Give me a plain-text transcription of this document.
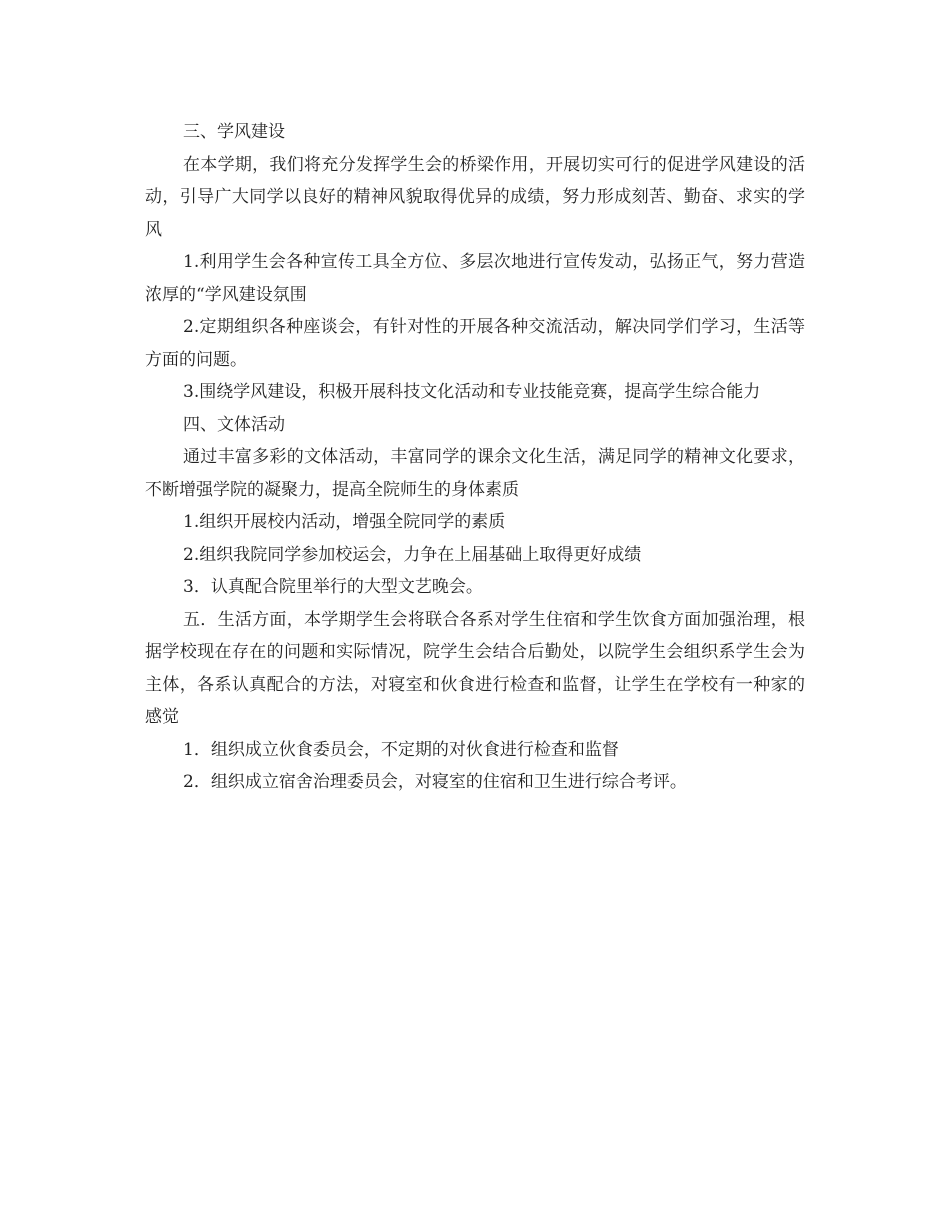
三、学风建设

在本学期，我们将充分发挥学生会的桥梁作用，开展切实可行的促进学风建设的活动，引导广大同学以良好的精神风貌取得优异的成绩，努力形成刻苦、勤奋、求实的学风

1.利用学生会各种宣传工具全方位、多层次地进行宣传发动，弘扬正气，努力营造浓厚的“学风建设氛围

2.定期组织各种座谈会，有针对性的开展各种交流活动，解决同学们学习，生活等方面的问题。

3.围绕学风建设，积极开展科技文化活动和专业技能竞赛，提高学生综合能力

四、文体活动

通过丰富多彩的文体活动，丰富同学的课余文化生活，满足同学的精神文化要求，不断增强学院的凝聚力，提高全院师生的身体素质

1.组织开展校内活动，增强全院同学的素质

2.组织我院同学参加校运会，力争在上届基础上取得更好成绩

3．认真配合院里举行的大型文艺晚会。

五．生活方面，本学期学生会将联合各系对学生住宿和学生饮食方面加强治理，根据学校现在存在的问题和实际情况，院学生会结合后勤处，以院学生会组织系学生会为主体，各系认真配合的方法，对寝室和伙食进行检查和监督，让学生在学校有一种家的感觉

1．组织成立伙食委员会，不定期的对伙食进行检查和监督

2．组织成立宿舍治理委员会，对寝室的住宿和卫生进行综合考评。
